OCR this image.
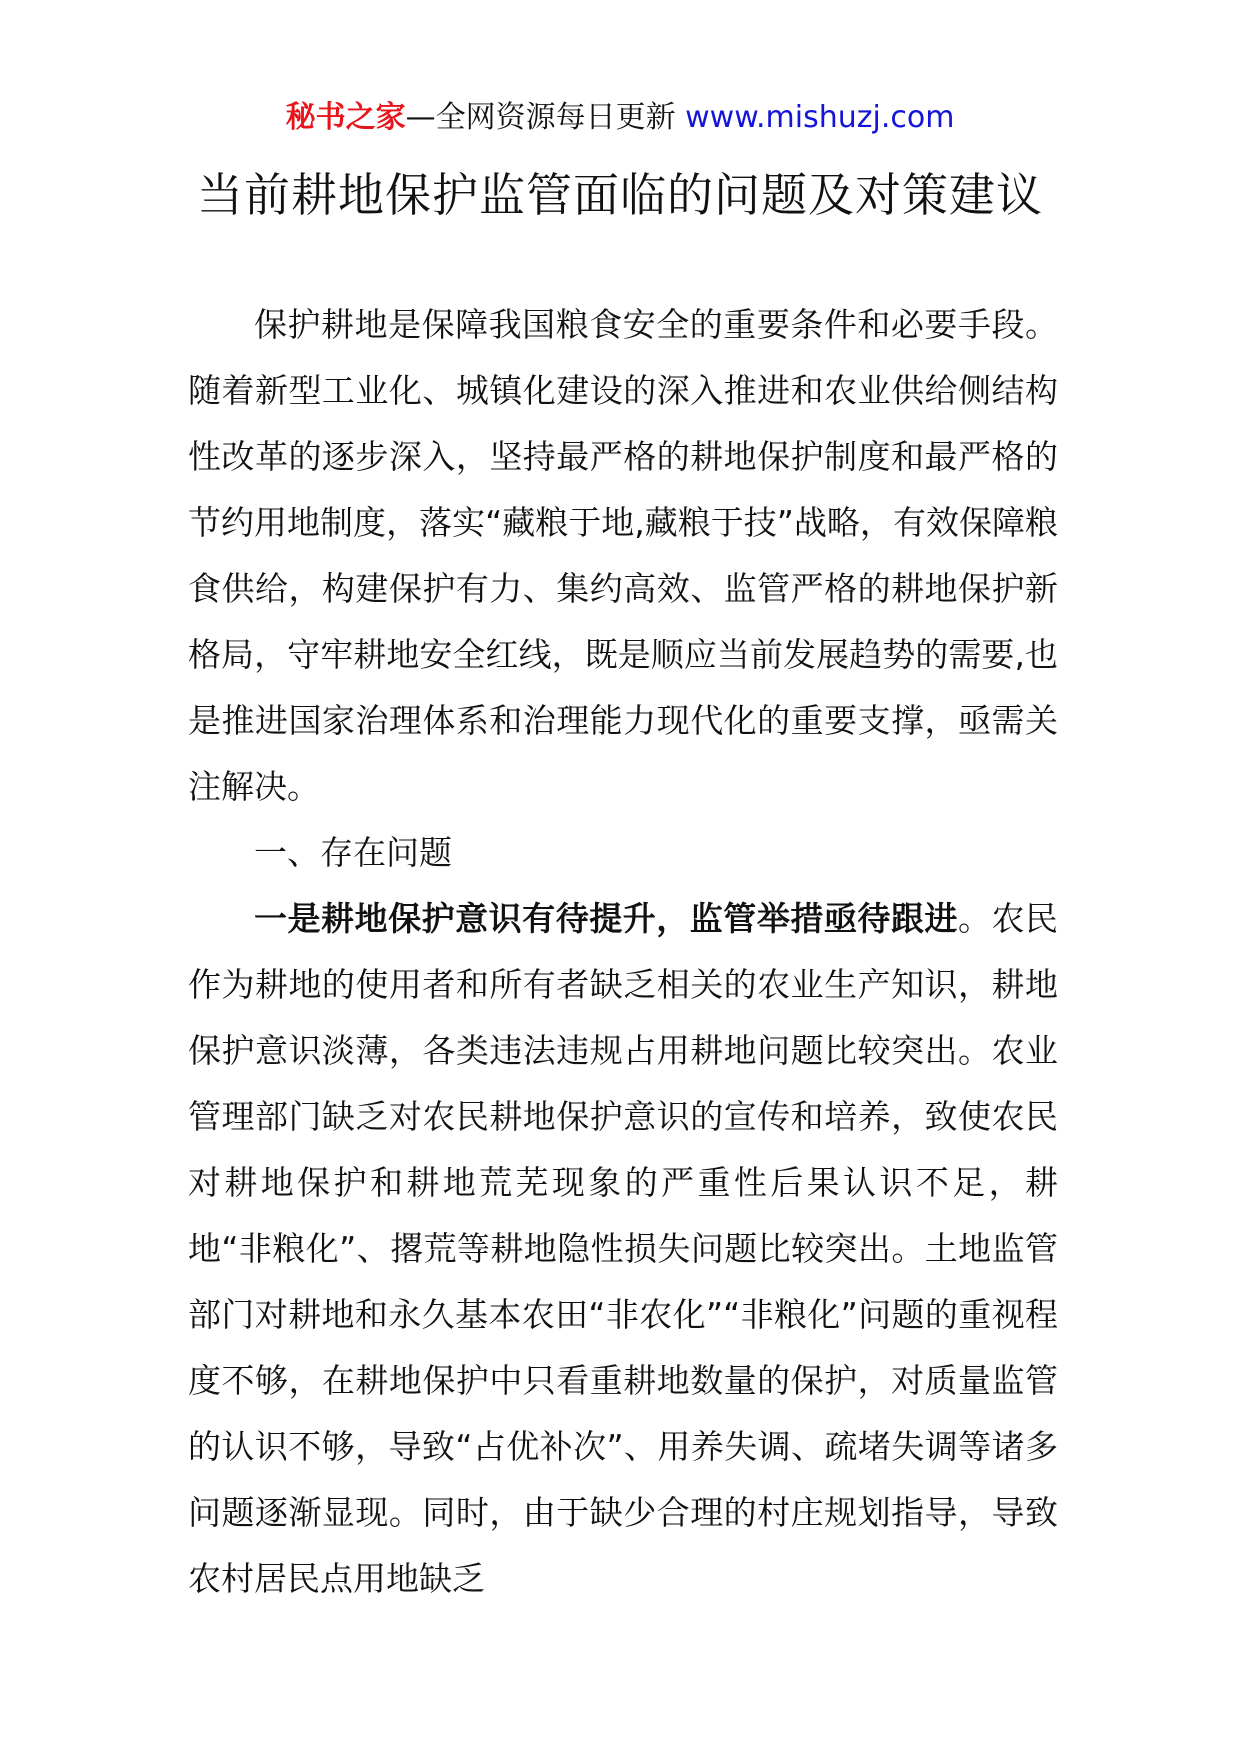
秘书之家—全网资源每日更新 www.mishuzj.com
当前耕地保护监管面临的问题及对策建议

保护耕地是保障我国粮食安全的重要条件和必要手段。随着新型工业化、城镇化建设的深入推进和农业供给侧结构性改革的逐步深入，坚持最严格的耕地保护制度和最严格的节约用地制度，落实“藏粮于地,藏粮于技”战略，有效保障粮食供给，构建保护有力、集约高效、监管严格的耕地保护新格局，守牢耕地安全红线，既是顺应当前发展趋势的需要,也是推进国家治理体系和治理能力现代化的重要支撑，亟需关注解决。

一、存在问题

一是耕地保护意识有待提升，监管举措亟待跟进。农民作为耕地的使用者和所有者缺乏相关的农业生产知识，耕地保护意识淡薄，各类违法违规占用耕地问题比较突出。农业管理部门缺乏对农民耕地保护意识的宣传和培养，致使农民对耕地保护和耕地荒芜现象的严重性后果认识不足，耕地“非粮化”、撂荒等耕地隐性损失问题比较突出。土地监管部门对耕地和永久基本农田“非农化”“非粮化”问题的重视程度不够，在耕地保护中只看重耕地数量的保护，对质量监管的认识不够，导致“占优补次”、用养失调、疏堵失调等诸多问题逐渐显现。同时，由于缺少合理的村庄规划指导，导致农村居民点用地缺乏
